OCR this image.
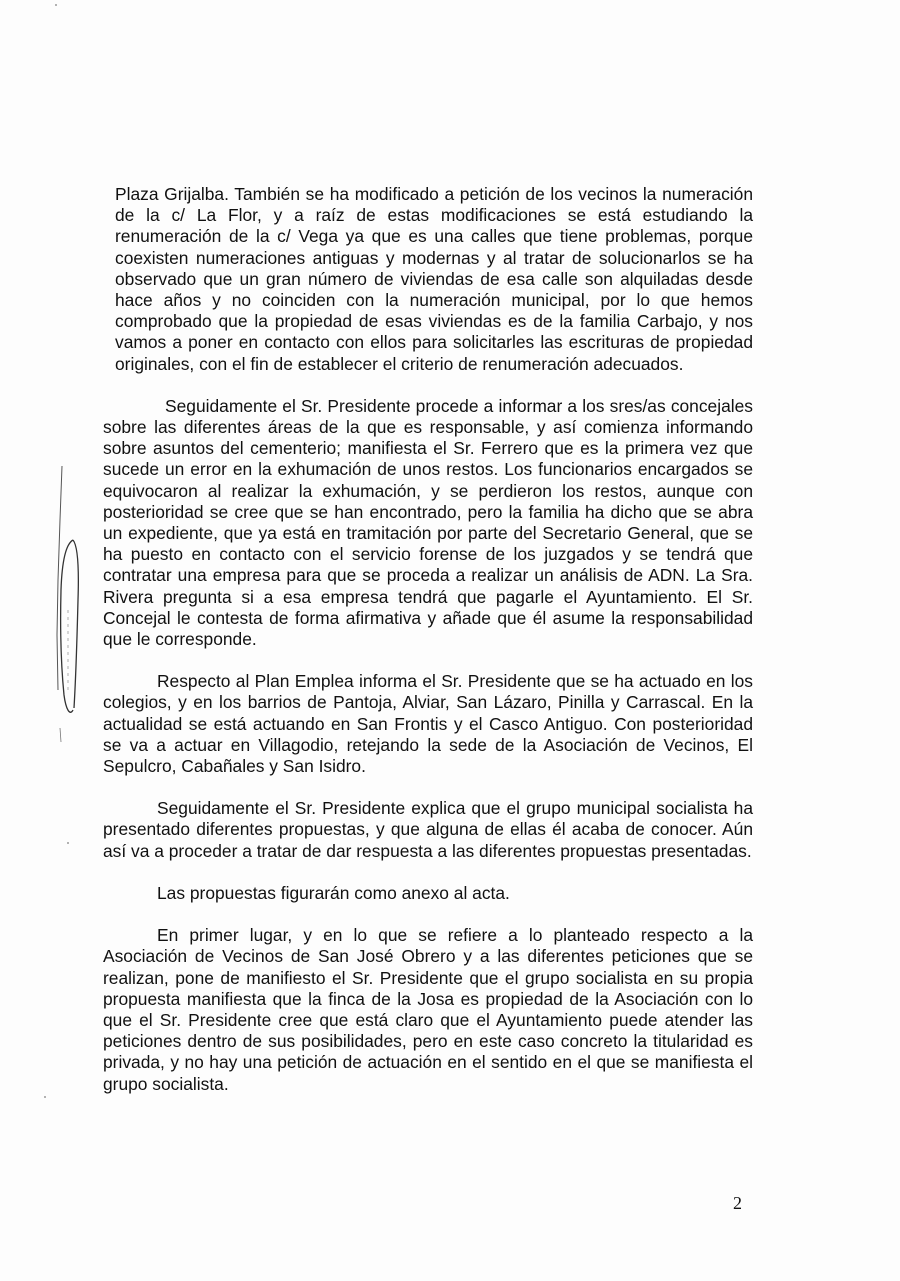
Plaza Grijalba. También se ha modificado a petición de los vecinos la numeración de la c/ La Flor, y a raíz de estas modificaciones se está estudiando la renumeración de la c/ Vega ya que es una calles que tiene problemas, porque coexisten numeraciones antiguas y modernas y al tratar de solucionarlos se ha observado que un gran número de viviendas de esa calle son alquiladas desde hace años y no coinciden con la numeración municipal, por lo que hemos comprobado que la propiedad de esas viviendas es de la familia Carbajo, y nos vamos a poner en contacto con ellos para solicitarles las escrituras de propiedad originales, con el fin de establecer el criterio de renumeración adecuados.

Seguidamente el Sr. Presidente procede a informar a los sres/as concejales sobre las diferentes áreas de la que es responsable, y así comienza informando sobre asuntos del cementerio; manifiesta el Sr. Ferrero que es la primera vez que sucede un error en la exhumación de unos restos. Los funcionarios encargados se equivocaron al realizar la exhumación, y se perdieron los restos, aunque con posterioridad se cree que se han encontrado, pero la familia ha dicho que se abra un expediente, que ya está en tramitación por parte del Secretario General, que se ha puesto en contacto con el servicio forense de los juzgados y se tendrá que contratar una empresa para que se proceda a realizar un análisis de ADN. La Sra. Rivera pregunta si a esa empresa tendrá que pagarle el Ayuntamiento. El Sr. Concejal le contesta de forma afirmativa y añade que él asume la responsabilidad que le corresponde.

Respecto al Plan Emplea informa el Sr. Presidente que se ha actuado en los colegios, y en los barrios de Pantoja, Alviar, San Lázaro, Pinilla y Carrascal. En la actualidad se está actuando en San Frontis y el Casco Antiguo. Con posterioridad se va a actuar en Villagodio, retejando la sede de la Asociación de Vecinos, El Sepulcro, Cabañales y San Isidro.

Seguidamente el Sr. Presidente explica que el grupo municipal socialista ha presentado diferentes propuestas, y que alguna de ellas él acaba de conocer. Aún así va a proceder a tratar de dar respuesta a las diferentes propuestas presentadas.

Las propuestas figurarán como anexo al acta.

En primer lugar, y en lo que se refiere a lo planteado respecto a la Asociación de Vecinos de San José Obrero y a las diferentes peticiones que se realizan, pone de manifiesto el Sr. Presidente que el grupo socialista en su propia propuesta manifiesta que la finca de la Josa es propiedad de la Asociación con lo que el Sr. Presidente cree que está claro que el Ayuntamiento puede atender las peticiones dentro de sus posibilidades, pero en este caso concreto la titularidad es privada, y no hay una petición de actuación en el sentido en el que se manifiesta el grupo socialista.

2
